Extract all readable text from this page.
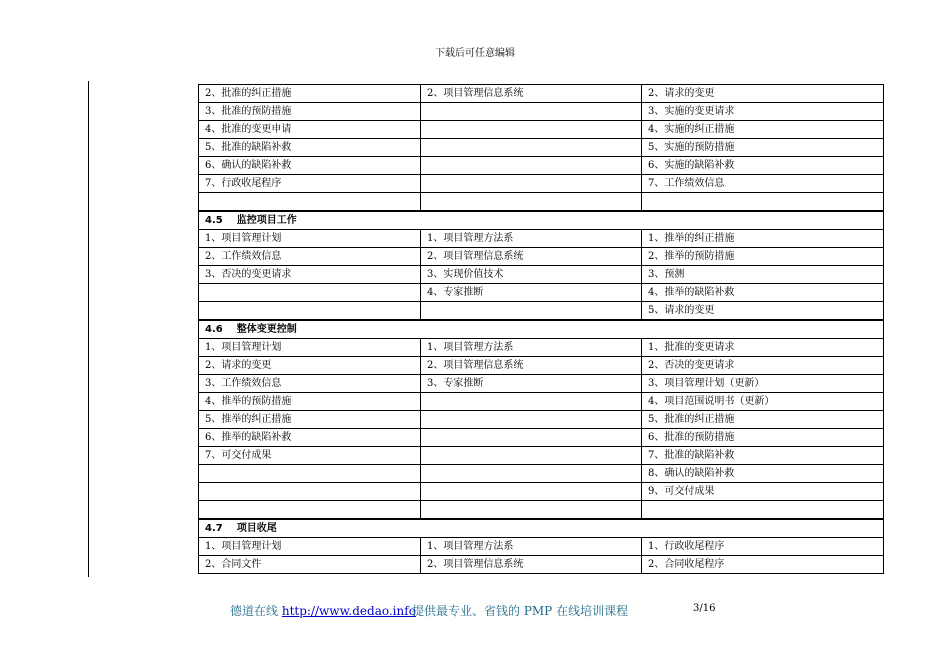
下载后可任意编辑
2、批准的纠正措施	2、项目管理信息系统	2、请求的变更
3、批准的预防措施		3、实施的变更请求
4、批准的变更申请		4、实施的纠正措施
5、批准的缺陷补救		5、实施的预防措施
6、确认的缺陷补救		6、实施的缺陷补救
7、行政收尾程序		7、工作绩效信息

4.5 监控项目工作		
1、项目管理计划	1、项目管理方法系	1、推举的纠正措施
2、工作绩效信息	2、项目管理信息系统	2、推举的预防措施
3、否决的变更请求	3、实现价值技术	3、预测
	4、专家推断	4、推举的缺陷补救
		5、请求的变更
4.6 整体变更控制		
1、项目管理计划	1、项目管理方法系	1、批准的变更请求
2、请求的变更	2、项目管理信息系统	2、否决的变更请求
3、工作绩效信息	3、专家推断	3、项目管理计划（更新）
4、推举的预防措施		4、项目范围说明书（更新）
5、推举的纠正措施		5、批准的纠正措施
6、推举的缺陷补救		6、批准的预防措施
7、可交付成果		7、批准的缺陷补救
		8、确认的缺陷补救
		9、可交付成果

4.7 项目收尾		
1、项目管理计划	1、项目管理方法系	1、行政收尾程序
2、合同文件	2、项目管理信息系统	2、合同收尾程序
德道在线 http://www.dedao.info
提供最专业、省钱的 PMP 在线培训课程	3/16
